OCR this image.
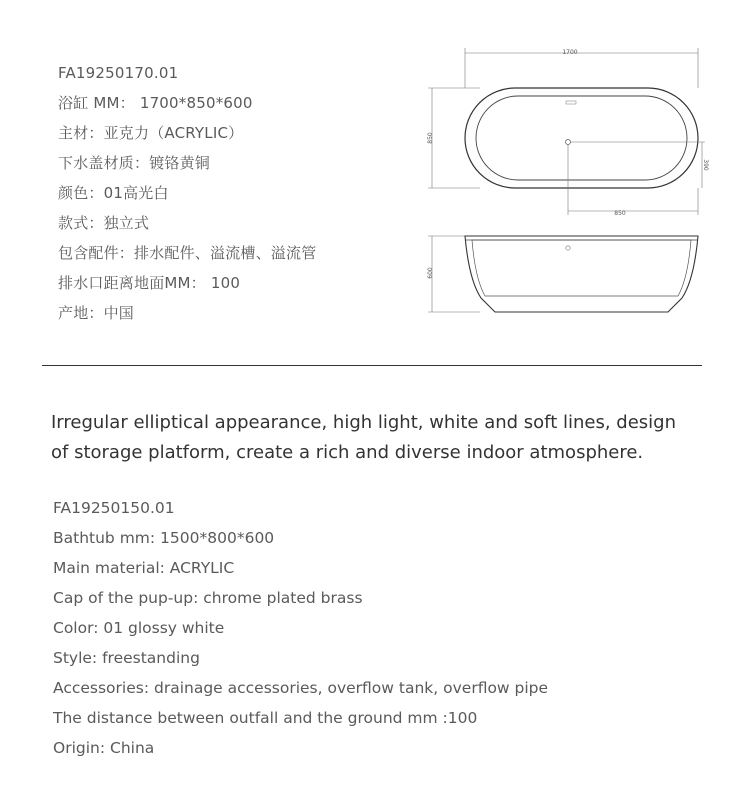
FA19250170.01
浴缸 MM： 1700*850*600
主材：亚克力（ACRYLIC）
下水盖材质：镀铬黄铜
颜色：01高光白
款式：独立式
包含配件：排水配件、溢流槽、溢流管
排水口距离地面MM： 100
产地：中国
1700
850
390
850
600
Irregular elliptical appearance, high light, white and soft lines, design of storage platform, create a rich and diverse indoor atmosphere.
FA19250150.01
Bathtub mm: 1500*800*600
Main material: ACRYLIC
Cap of the pup-up: chrome plated brass
Color: 01 glossy white
Style: freestanding
Accessories: drainage accessories, overflow tank, overflow pipe
The distance between outfall and the ground mm :100
Origin: China
